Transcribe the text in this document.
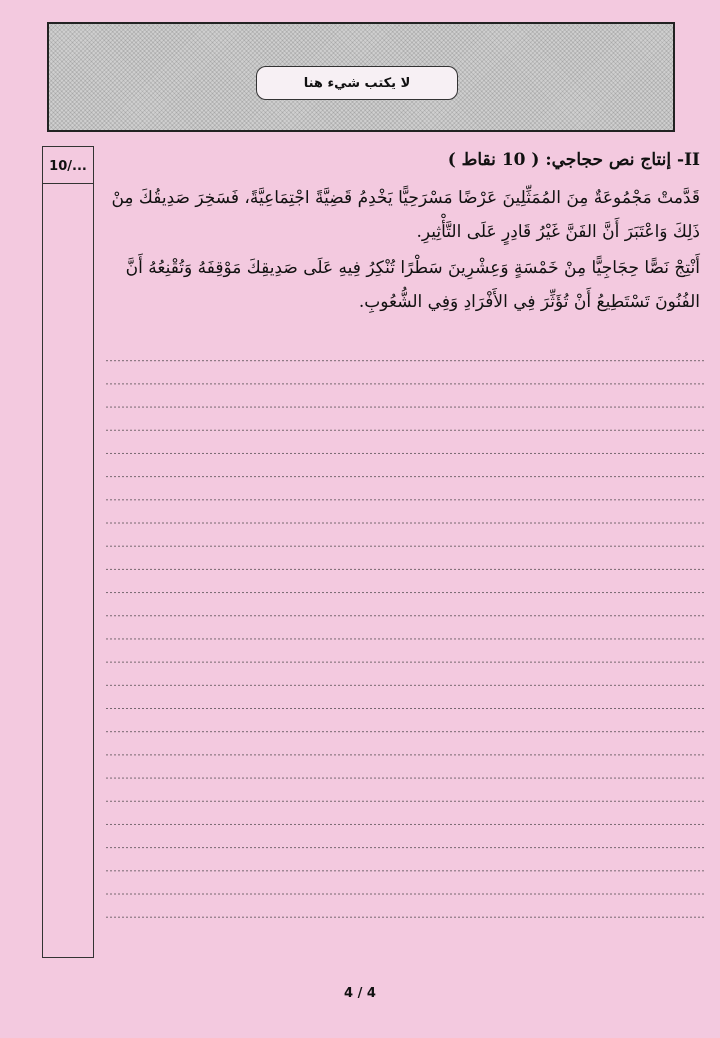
لا يكتب شيء هنا
10/...	II- إنتاج نص حجاجي: ( 10 نقاط )
قَدَّمتْ مَجْمُوعَةٌ مِنَ المُمَثِّلِينَ عَرْضًا مَسْرَحِيًّا يَخْدِمُ قَضِيَّةً اجْتِمَاعِيَّةً، فَسَخِرَ صَدِيقُكَ مِنْ
ذَلِكَ وَاعْتَبَرَ أَنَّ الفَنَّ غَيْرُ قَادِرٍ عَلَى التَّأْثِيرِ.
أَنْتِجْ نَصًّا حِجَاجِيًّا مِنْ خَمْسَةٍ وَعِشْرِينَ سَطْرًا تُنْكِرُ فِيهِ عَلَى صَدِيقِكَ مَوْقِفَهُ وَتُقْنِعُهُ أَنَّ
الفُنُونَ تَسْتَطِيعُ أَنْ تُؤَثِّرَ فِي الأَفْرَادِ وَفِي الشُّعُوبِ.
4 / 4
